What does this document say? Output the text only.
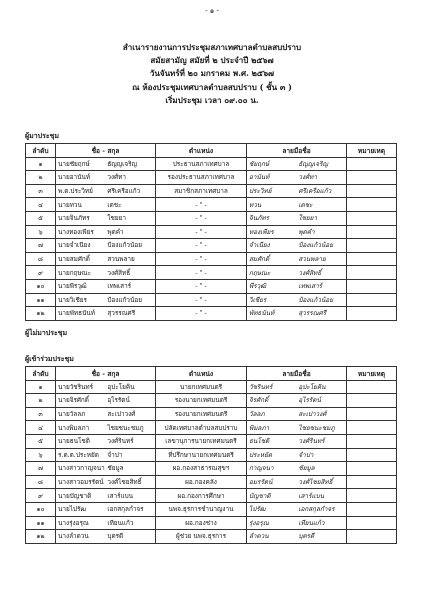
- ๑ -
สำเนารายงานการประชุมสภาเทศบาลตำบลสบปราบ
สมัยสามัญ สมัยที่ ๒ ประจำปี ๒๕๖๗
วันจันทร์ที่ ๒๐ มกราคม พ.ศ. ๒๕๖๗
ณ ห้องประชุมเทศบาลตำบลสบปราบ ( ชั้น ๓ )
เริ่มประชุม เวลา ๐๙.๐๐ น.
ผู้มาประชุม
ลำดับ	ชื่อ - สกุล	ตำแหน่ง	ลายมือชื่อ	หมายเหตุ
๑	นายชัยฤกษ์ ธัญญเจริญ	ประธานสภาเทศบาล	ชัยฤกษ์ ธัญญเจริญ	
๒	นายอานันท์ วงศ์ทา	รองประธานสภาเทศบาล	อานันท์ วงศ์ทา	
๓	พ.ต.ประวิทย์ ศรีเครือแก้ว	สมาชิกสภาเทศบาล	ประวิทย์ ศรีเครือแก้ว	
๔	นายทวน เดชะ	- " -	ทวน เดชะ	
๕	นายจินภัทร ใชยยา	- " -	จินภัทร ใชยยา	
๖	นางทองเพียร พุดคำ	- " -	ทองเพียร พุดคำ	
๗	นายจำเนียง ป้องแก้วน้อย	- " -	จำเนียง ป้องแก้วน้อย	
๘	นายสมศักดิ์ สวนพลาย	- " -	สมศักดิ์ สวนพลาย	
๙	นายกฤษณะ วงศ์สิทธิ์	- " -	กฤษณะ วงศ์สิทธิ์	
๑๐	นายพีรวุฒิ เทพเสาร์	- " -	พีรวุฒิ เทพเสาร์	
๑๑	นายวิเชียร ป้องแก้วน้อย	- " -	วิเชียร ป้องแก้วน้อย	
๑๒	นายพัทธนันท์ สุวรรณศรี	- " -	พัทธนันท์ สุวรรณศรี	
ผู้ไม่มาประชุม
ผู้เข้าร่วมประชุม
ลำดับ	ชื่อ - สกุล	ตำแหน่ง	ลายมือชื่อ	หมายเหตุ
๑	นายวัชรินทร์ อุปะโยคิน	นายกเทศมนตรี	วัชรินทร์ อุปะโยคิน	
๒	นายจิรศักดิ์ อุไรรัตน์	รองนายกเทศมนตรี	จิรศักดิ์ อุไรรัตน์	
๓	นายวัลลภ สะเปาวงศ์	รองนายกเทศมนตรี	วัลลภ สะเปาวงศ์	
๔	นางพิมลภา ไชยชนะชมภู	ปลัดเทศบาลตำบลสบปราบ	พิมลภา ไชยชนะชมภู	
๕	นายธนโชติ วงศ์รินทร์	เลขานุการนายกเทศมนตรี	ธนโชติ วงศ์รินทร์	
๖	ร.ต.ต.ประหยัด จำปา	ที่ปรึกษานายกเทศมนตรี	ประหยัด จำปา	
๗	นางสาวกาญจนา ชัยมูล	ผอ.กองสาธารณสุขฯ	กาญจนา ชัยมูล	
๘	นางสาวอมรรัตน์ วงศ์ไชยสิทธิ์	ผอ.กองคลัง	อมรรัตน์ วงศ์ไชยสิทธิ์	
๙	นายบัญชาติ เสาร์แบน	ผอ.กองการศึกษา	บัญชาติ เสาร์แบน	
๑๐	นายไปรัฒ เอกสกุลกำจร	นพจ.ธุรการชำนาญงาน	ไปรัฒ เอกสกุลกำจร	
๑๑	นางรุ่งอรุณ เทียนแก้ว	ผอ.กองช่าง	รุ่งอรุณ เทียนแก้ว	
๑๒	นางลำดวน บุตรดี	ผู้ช่วย นพจ.ธุรการ	ลำดวน บุตรดี	
